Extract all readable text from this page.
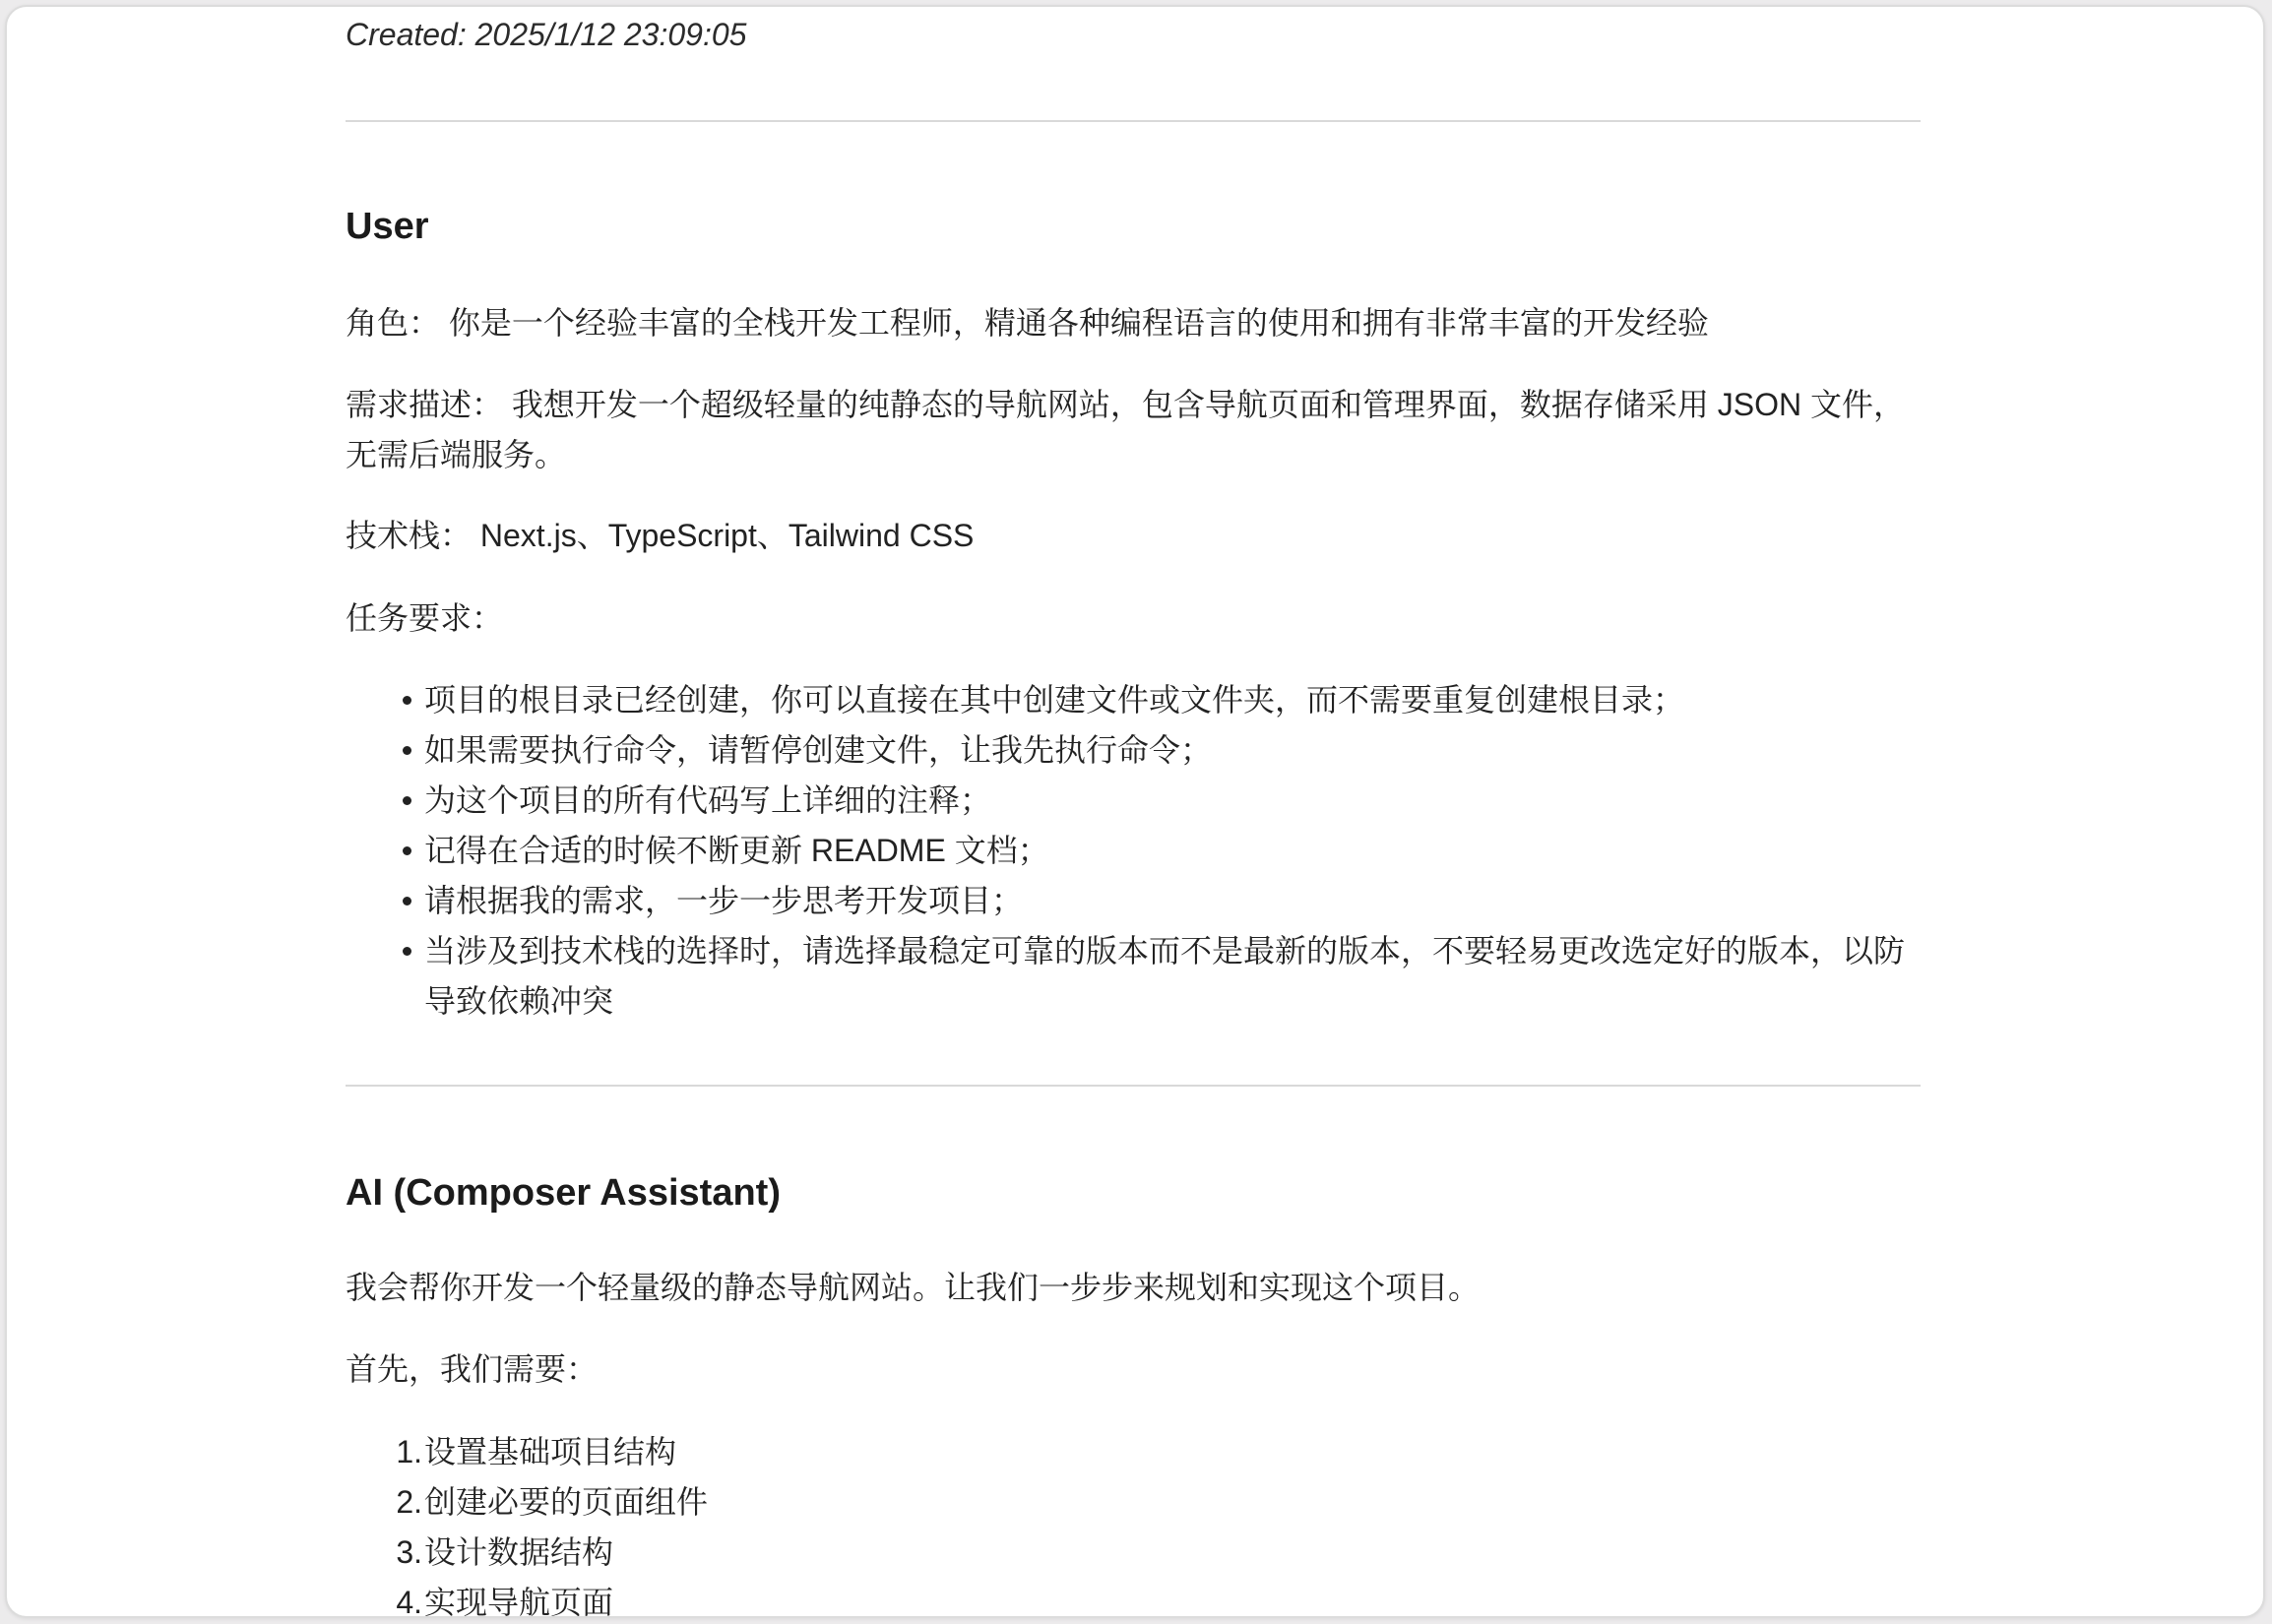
Created: 2025/1/12 23:09:05
User

角色： 你是一个经验丰富的全栈开发工程师，精通各种编程语言的使用和拥有非常丰富的开发经验

需求描述： 我想开发一个超级轻量的纯静态的导航网站，包含导航页面和管理界面，数据存储采用 JSON 文件，无需后端服务。

技术栈： Next.js、TypeScript、Tailwind CSS

任务要求：

项目的根目录已经创建，你可以直接在其中创建文件或文件夹，而不需要重复创建根目录；
如果需要执行命令，请暂停创建文件，让我先执行命令；
为这个项目的所有代码写上详细的注释；
记得在合适的时候不断更新 README 文档；
请根据我的需求，一步一步思考开发项目；
当涉及到技术栈的选择时，请选择最稳定可靠的版本而不是最新的版本，不要轻易更改选定好的版本，以防导致依赖冲突
AI (Composer Assistant)

我会帮你开发一个轻量级的静态导航网站。让我们一步步来规划和实现这个项目。

首先，我们需要：

1. 设置基础项目结构
2. 创建必要的页面组件
3. 设计数据结构
4. 实现导航页面
